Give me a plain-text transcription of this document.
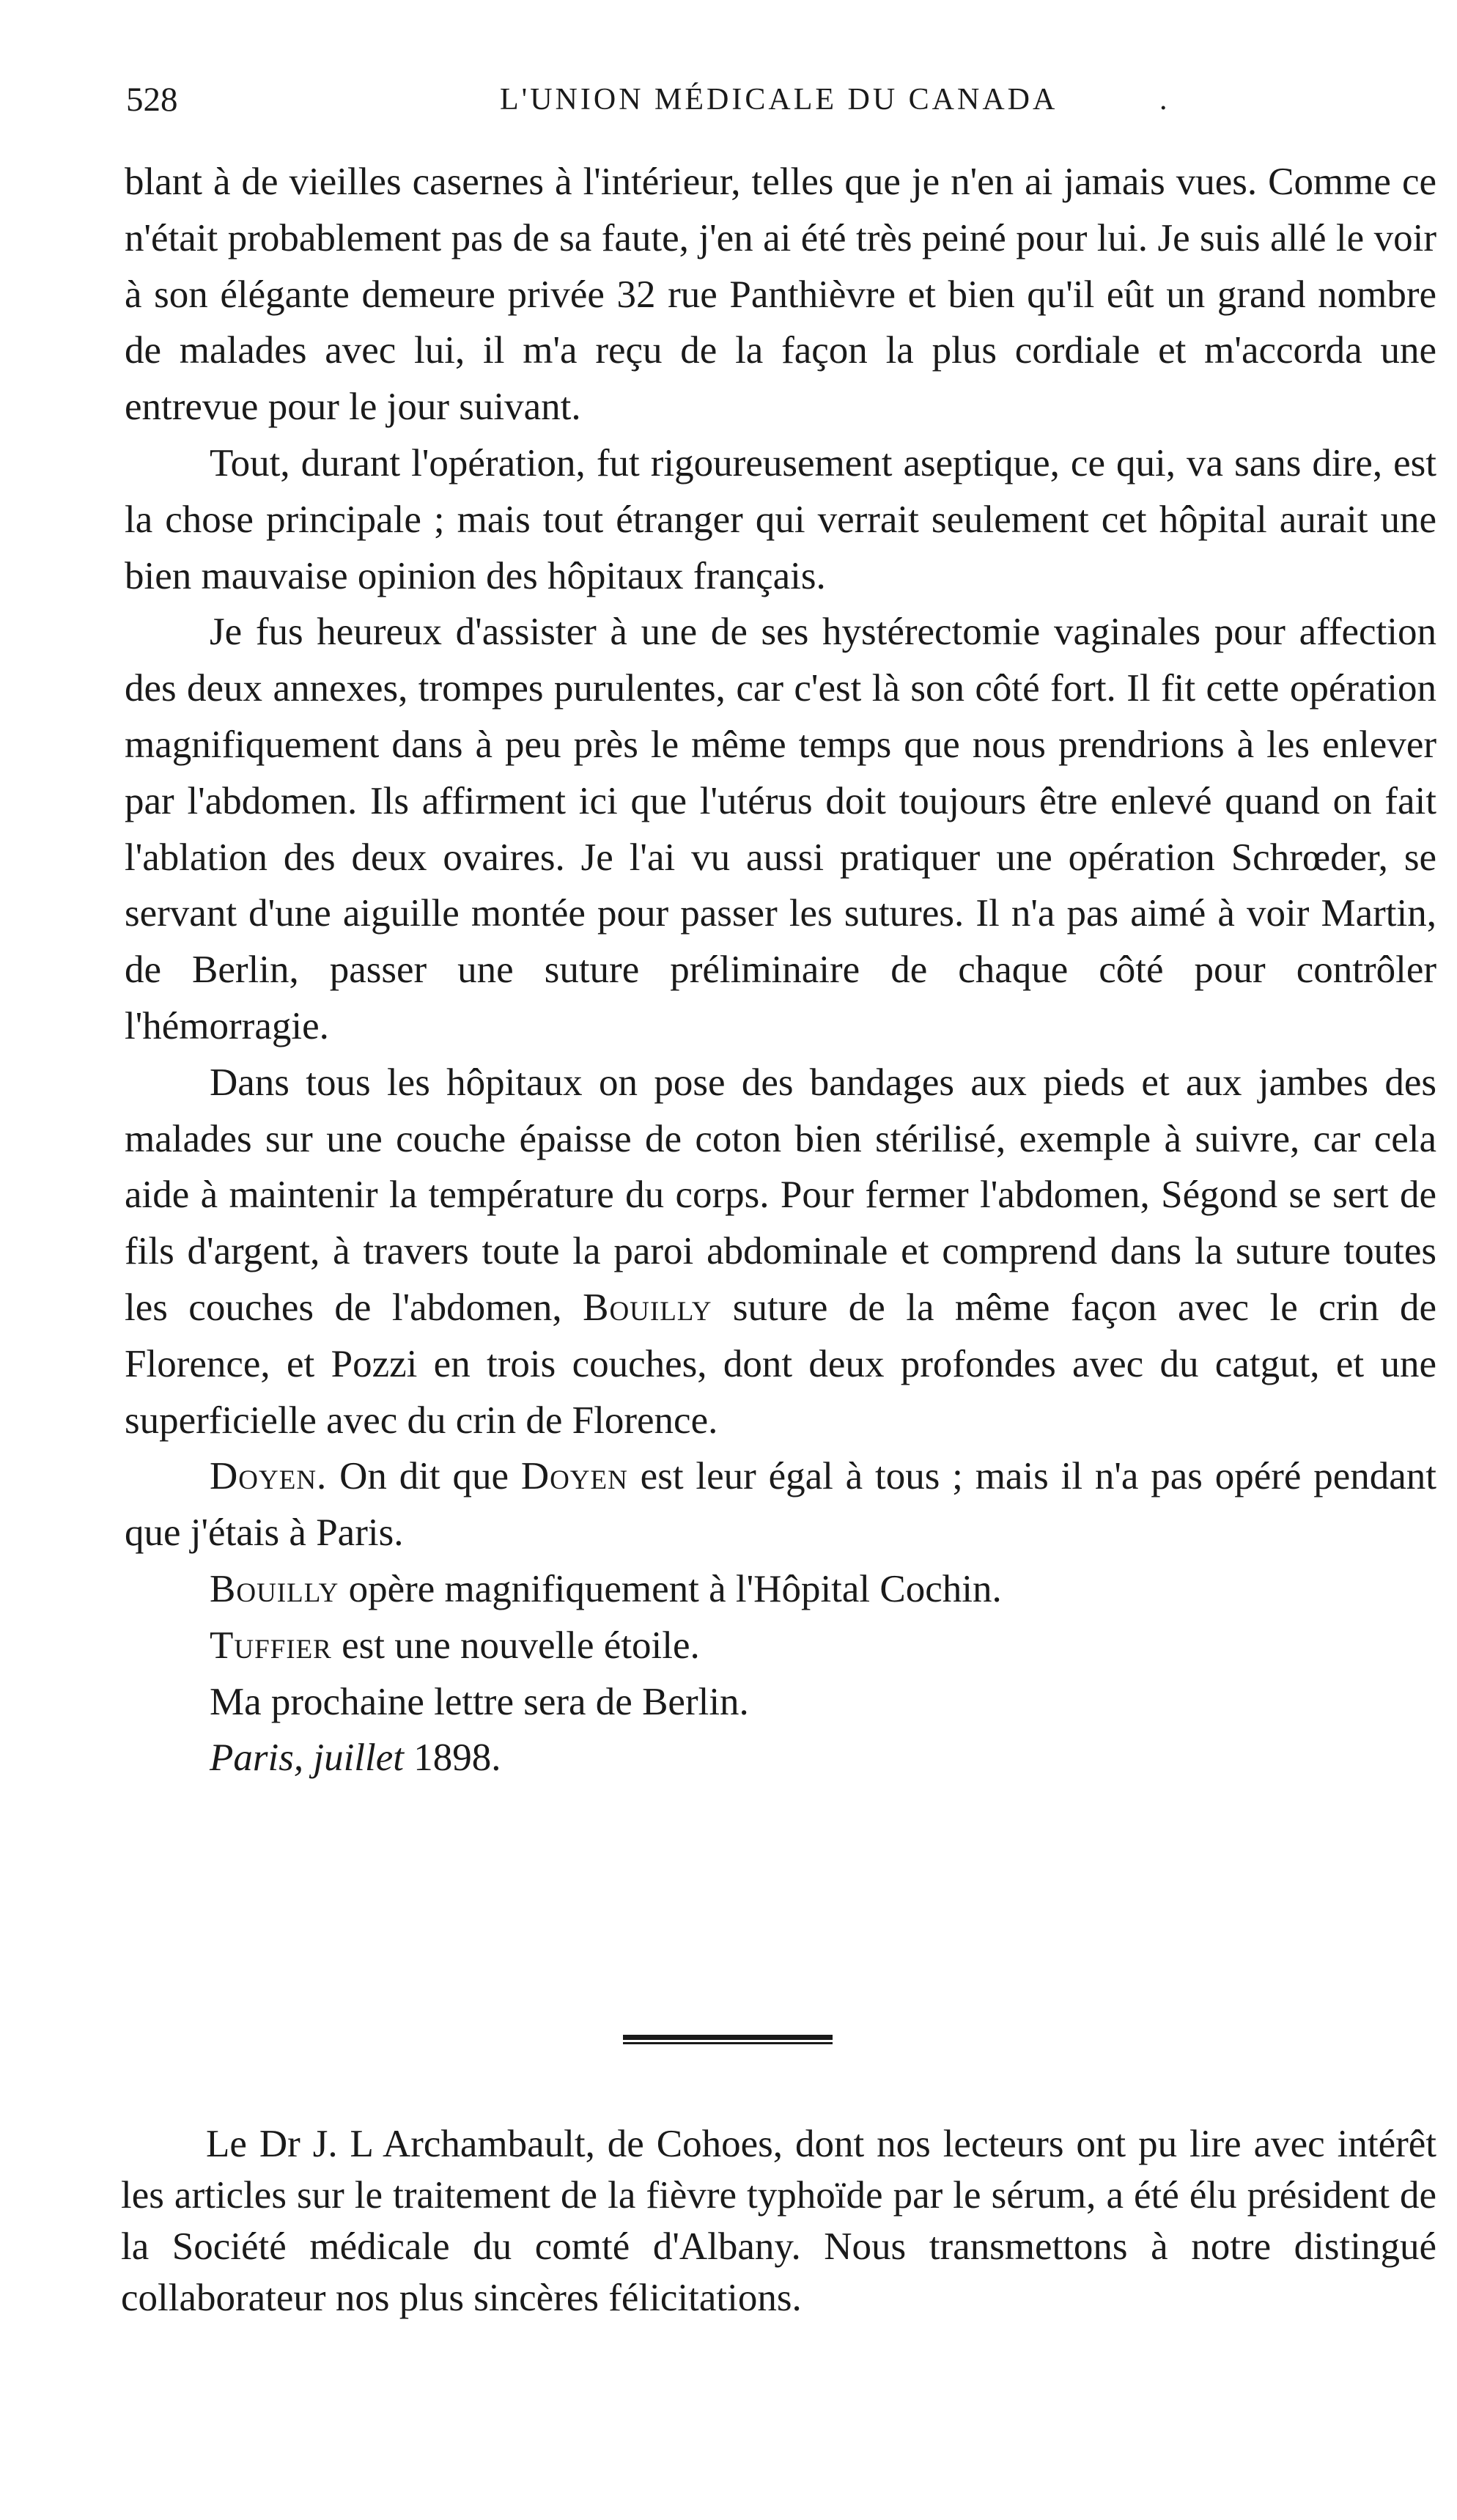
528	L'UNION MÉDICALE DU CANADA	.

blant à de vieilles casernes à l'intérieur, telles que je n'en ai jamais vues. Comme ce n'était probablement pas de sa faute, j'en ai été très peiné pour lui. Je suis allé le voir à son élégante demeure privée 32 rue Panthièvre et bien qu'il eût un grand nombre de malades avec lui, il m'a reçu de la façon la plus cordiale et m'accorda une entrevue pour le jour suivant.

Tout, durant l'opération, fut rigoureusement aseptique, ce qui, va sans dire, est la chose principale ; mais tout étranger qui verrait seulement cet hôpital aurait une bien mauvaise opinion des hôpitaux français.

Je fus heureux d'assister à une de ses hystérectomie vaginales pour affection des deux annexes, trompes purulentes, car c'est là son côté fort. Il fit cette opération magnifiquement dans à peu près le même temps que nous prendrions à les enlever par l'abdomen. Ils affirment ici que l'utérus doit toujours être enlevé quand on fait l'ablation des deux ovaires. Je l'ai vu aussi pratiquer une opération Schrœder, se servant d'une aiguille montée pour passer les sutures. Il n'a pas aimé à voir Martin, de Berlin, passer une suture préliminaire de chaque côté pour contrôler l'hémorragie.

Dans tous les hôpitaux on pose des bandages aux pieds et aux jambes des malades sur une couche épaisse de coton bien stérilisé, exemple à suivre, car cela aide à maintenir la température du corps. Pour fermer l'abdomen, Ségond se sert de fils d'argent, à travers toute la paroi abdominale et comprend dans la suture toutes les couches de l'abdomen, Bouilly suture de la même façon avec le crin de Florence, et Pozzi en trois couches, dont deux profondes avec du catgut, et une superficielle avec du crin de Florence.

Doyen. On dit que Doyen est leur égal à tous ; mais il n'a pas opéré pendant que j'étais à Paris.

Bouilly opère magnifiquement à l'Hôpital Cochin.

Tuffier est une nouvelle étoile.

Ma prochaine lettre sera de Berlin.

Paris, juillet 1898.

Le Dr J. L Archambault, de Cohoes, dont nos lecteurs ont pu lire avec intérêt les articles sur le traitement de la fièvre typhoïde par le sérum, a été élu président de la Société médicale du comté d'Albany. Nous transmettons à notre distingué collaborateur nos plus sincères félicitations.
